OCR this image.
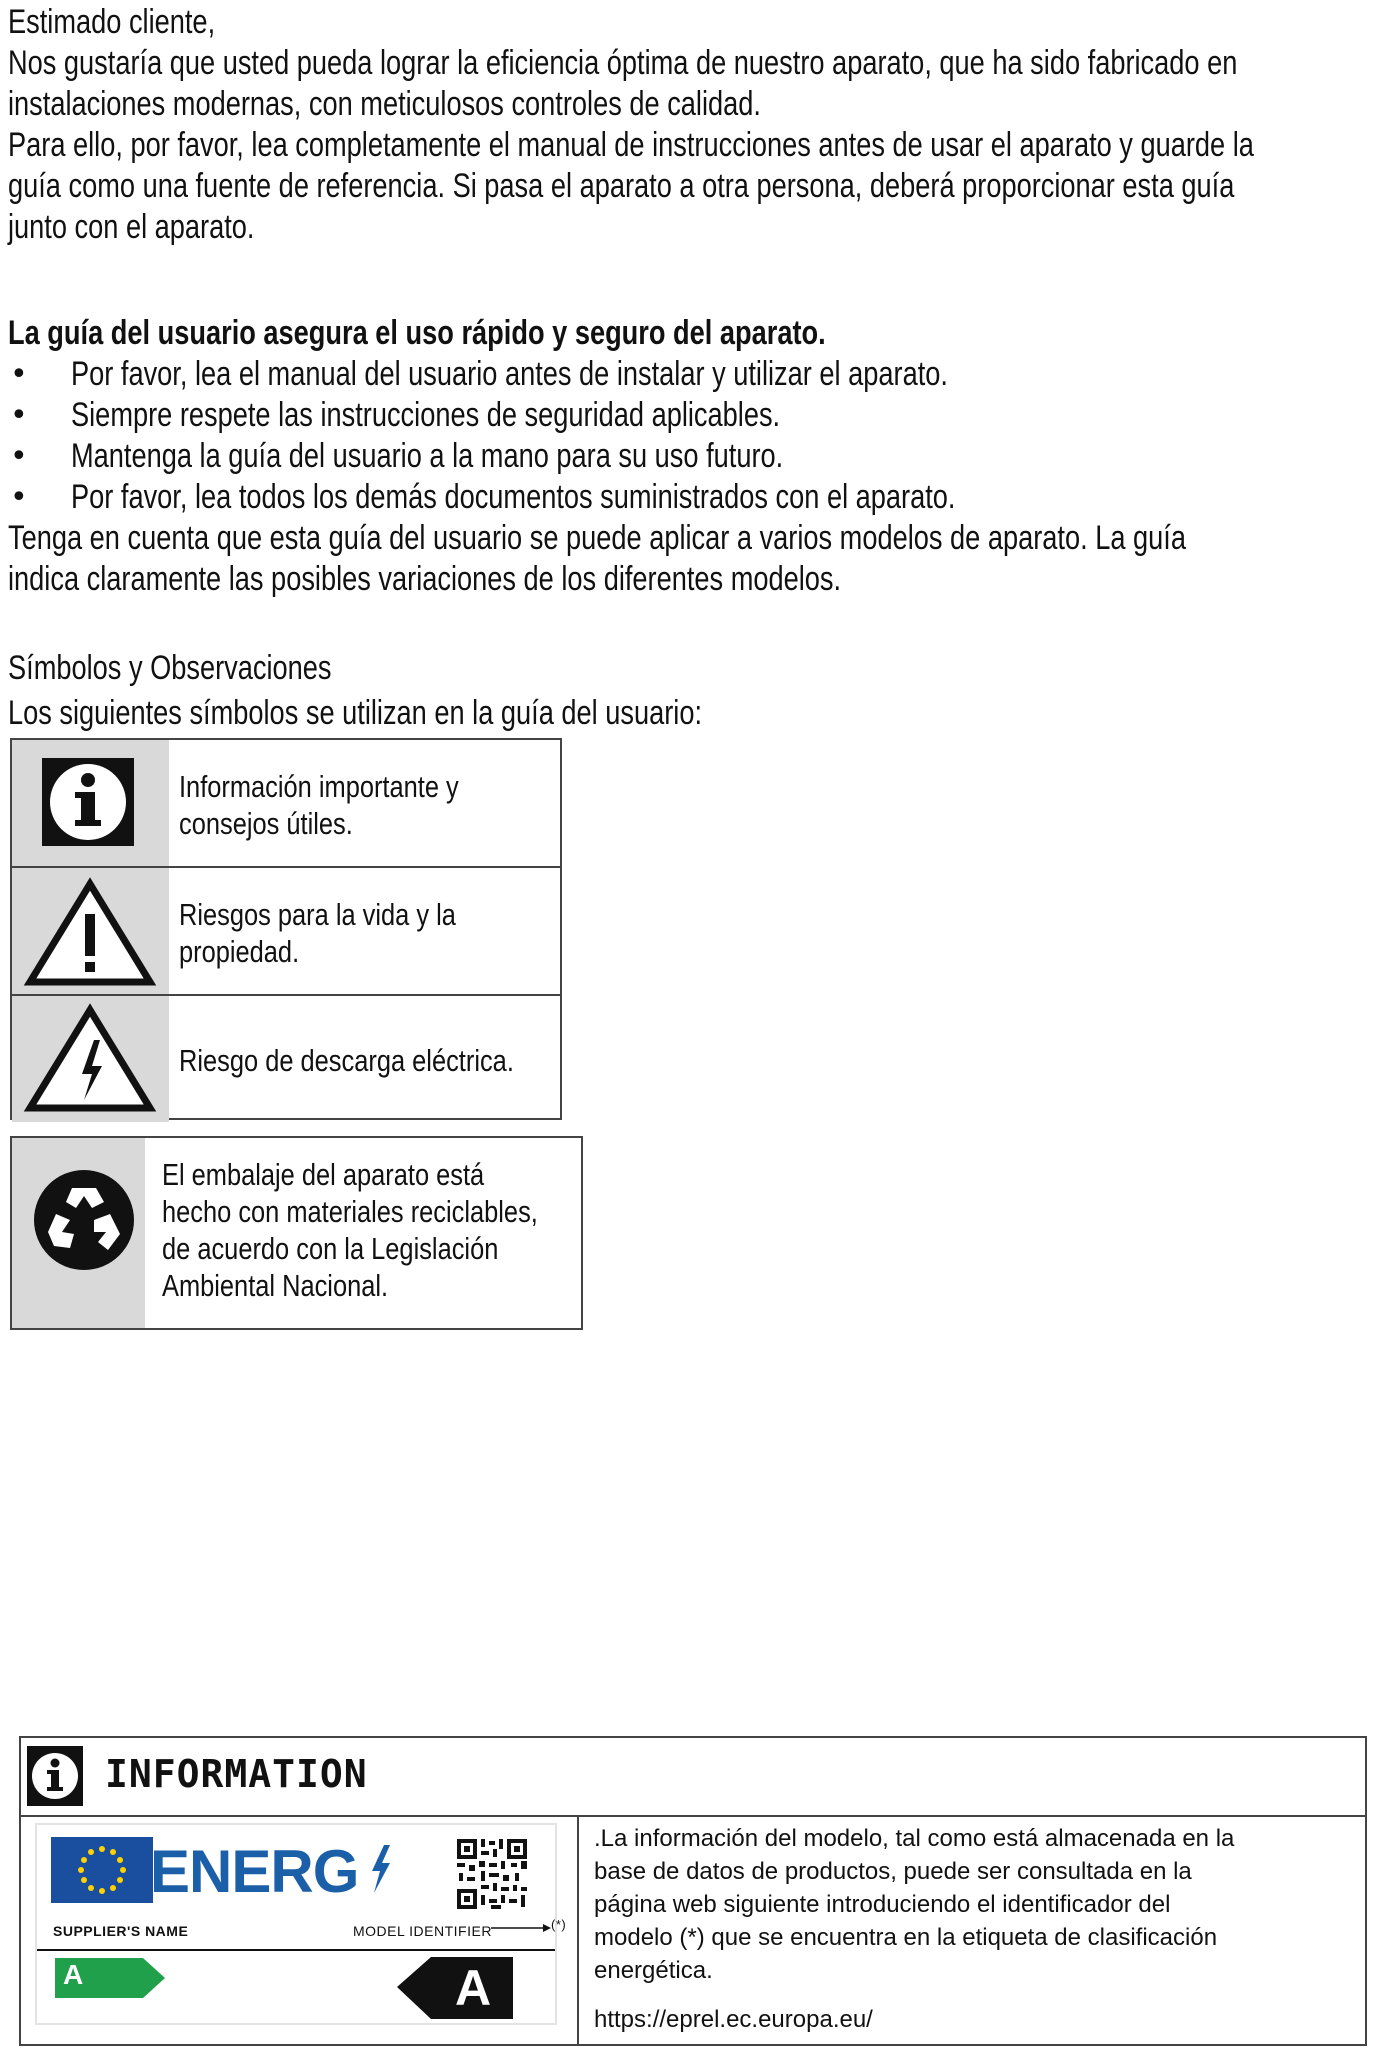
Estimado cliente,
Nos gustaría que usted pueda lograr la eficiencia óptima de nuestro aparato, que ha sido fabricado en
instalaciones modernas, con meticulosos controles de calidad.
Para ello, por favor, lea completamente el manual de instrucciones antes de usar el aparato y guarde la
guía como una fuente de referencia. Si pasa el aparato a otra persona, deberá proporcionar esta guía
junto con el aparato.
La guía del usuario asegura el uso rápido y seguro del aparato.
• Por favor, lea el manual del usuario antes de instalar y utilizar el aparato.
• Siempre respete las instrucciones de seguridad aplicables.
• Mantenga la guía del usuario a la mano para su uso futuro.
• Por favor, lea todos los demás documentos suministrados con el aparato.
Tenga en cuenta que esta guía del usuario se puede aplicar a varios modelos de aparato. La guía
indica claramente las posibles variaciones de los diferentes modelos.
Símbolos y Observaciones
Los siguientes símbolos se utilizan en la guía del usuario:
Información importante y
consejos útiles.
Riesgos para la vida y la
propiedad.
Riesgo de descarga eléctrica.
El embalaje del aparato está
hecho con materiales reciclables,
de acuerdo con la Legislación
Ambiental Nacional.
INFORMATION
ENERG
SUPPLIER'S NAME	MODEL IDENTIFIER
A	A
(*)
.La información del modelo, tal como está almacenada en la
base de datos de productos, puede ser consultada en la
página web siguiente introduciendo el identificador del
modelo (*) que se encuentra en la etiqueta de clasificación
energética.
https://eprel.ec.europa.eu/
